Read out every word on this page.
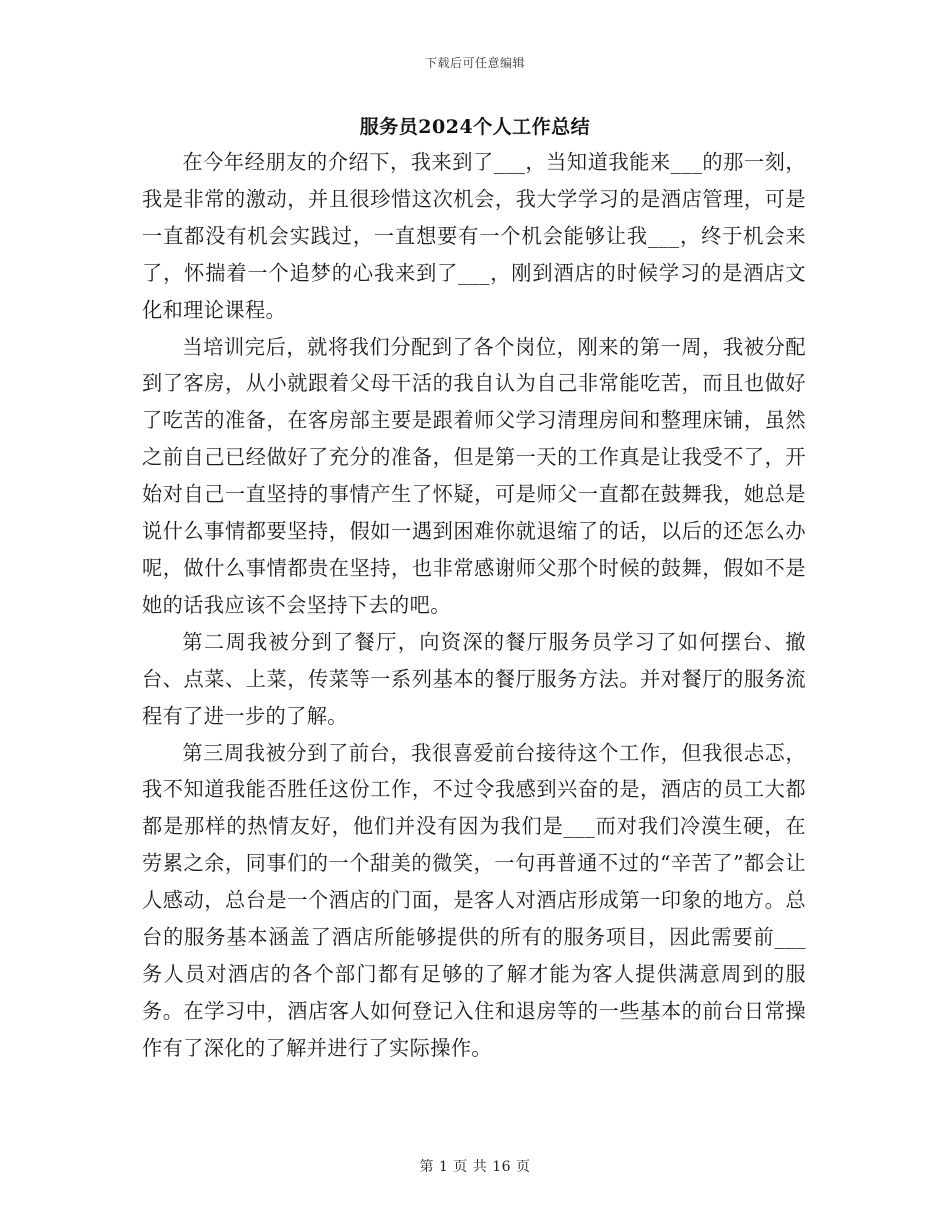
下载后可任意编辑
服务员2024个人工作总结

在今年经朋友的介绍下，我来到了___，当知道我能来___的那一刻，我是非常的激动，并且很珍惜这次机会，我大学学习的是酒店管理，可是一直都没有机会实践过，一直想要有一个机会能够让我___，终于机会来了，怀揣着一个追梦的心我来到了___，刚到酒店的时候学习的是酒店文化和理论课程。

当培训完后，就将我们分配到了各个岗位，刚来的第一周，我被分配到了客房，从小就跟着父母干活的我自认为自己非常能吃苦，而且也做好了吃苦的准备，在客房部主要是跟着师父学习清理房间和整理床铺，虽然之前自己已经做好了充分的准备，但是第一天的工作真是让我受不了，开始对自己一直坚持的事情产生了怀疑，可是师父一直都在鼓舞我，她总是说什么事情都要坚持，假如一遇到困难你就退缩了的话，以后的还怎么办呢，做什么事情都贵在坚持，也非常感谢师父那个时候的鼓舞，假如不是她的话我应该不会坚持下去的吧。

第二周我被分到了餐厅，向资深的餐厅服务员学习了如何摆台、撤台、点菜、上菜，传菜等一系列基本的餐厅服务方法。并对餐厅的服务流程有了进一步的了解。

第三周我被分到了前台，我很喜爱前台接待这个工作，但我很忐忑，我不知道我能否胜任这份工作，不过令我感到兴奋的是，酒店的员工大都都是那样的热情友好，他们并没有因为我们是___而对我们冷漠生硬，在劳累之余，同事们的一个甜美的微笑，一句再普通不过的“辛苦了”都会让人感动，总台是一个酒店的门面，是客人对酒店形成第一印象的地方。总台的服务基本涵盖了酒店所能够提供的所有的服务项目，因此需要前___务人员对酒店的各个部门都有足够的了解才能为客人提供满意周到的服务。在学习中，酒店客人如何登记入住和退房等的一些基本的前台日常操作有了深化的了解并进行了实际操作。

第 1 页 共 16 页
